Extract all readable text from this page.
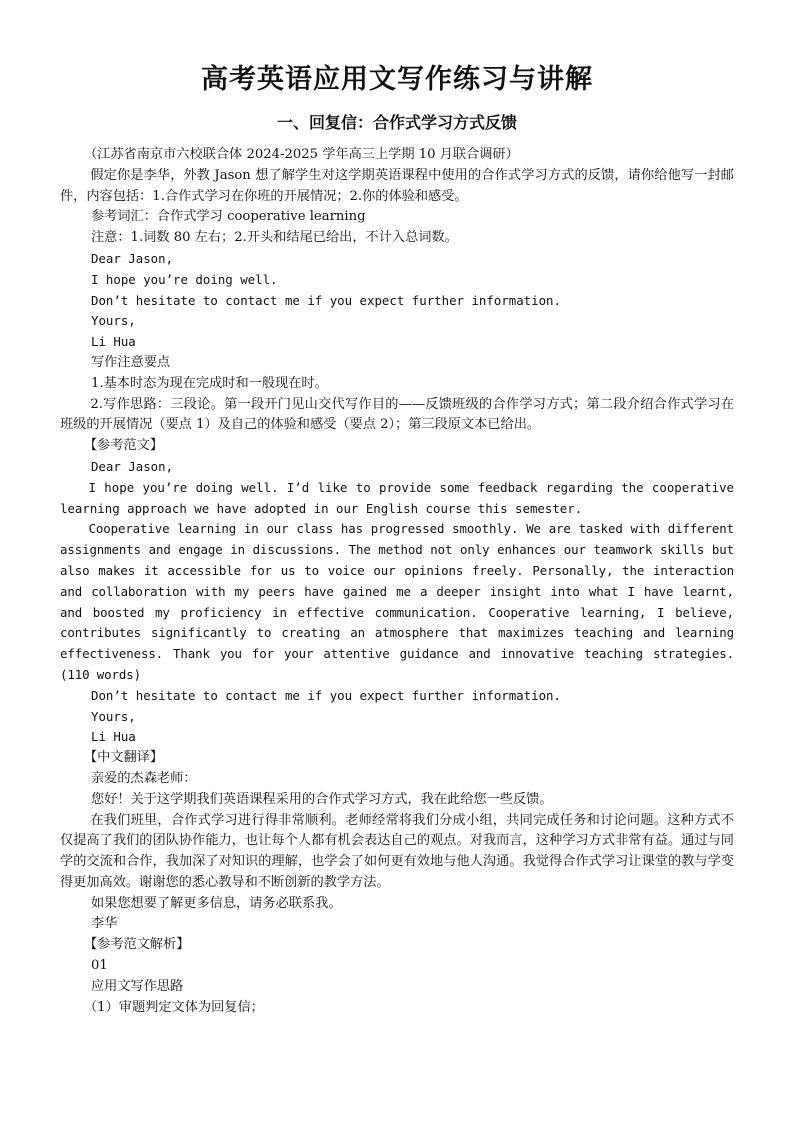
高考英语应用文写作练习与讲解
一、回复信：合作式学习方式反馈

（江苏省南京市六校联合体 2024-2025 学年高三上学期 10 月联合调研）

假定你是李华，外教 Jason 想了解学生对这学期英语课程中使用的合作式学习方式的反馈，请你给他写一封邮件，内容包括：1.合作式学习在你班的开展情况；2.你的体验和感受。

参考词汇：合作式学习 cooperative learning

注意：1.词数 80 左右；2.开头和结尾已给出，不计入总词数。

Dear Jason,

I hope you’re doing well.

Don’t hesitate to contact me if you expect further information.

Yours,

Li Hua

写作注意要点

1.基本时态为现在完成时和一般现在时。

2.写作思路：三段论。第一段开门见山交代写作目的——反馈班级的合作学习方式；第二段介绍合作式学习在班级的开展情况（要点 1）及自己的体验和感受（要点 2）；第三段原文本已给出。

【参考范文】

Dear Jason,

I hope you’re doing well. I’d like to provide some feedback regarding the cooperative learning approach we have adopted in our English course this semester.

Cooperative learning in our class has progressed smoothly. We are tasked with different assignments and engage in discussions. The method not only enhances our teamwork skills but also makes it accessible for us to voice our opinions freely. Personally, the interaction and collaboration with my peers have gained me a deeper insight into what I have learnt, and boosted my proficiency in effective communication. Cooperative learning, I believe, contributes significantly to creating an atmosphere that maximizes teaching and learning effectiveness. Thank you for your attentive guidance and innovative teaching strategies. (110 words)

Don’t hesitate to contact me if you expect further information.

Yours,

Li Hua

【中文翻译】

亲爱的杰森老师：

您好！关于这学期我们英语课程采用的合作式学习方式，我在此给您一些反馈。

在我们班里，合作式学习进行得非常顺利。老师经常将我们分成小组，共同完成任务和讨论问题。这种方式不仅提高了我们的团队协作能力，也让每个人都有机会表达自己的观点。对我而言，这种学习方式非常有益。通过与同学的交流和合作，我加深了对知识的理解，也学会了如何更有效地与他人沟通。我觉得合作式学习让课堂的教与学变得更加高效。谢谢您的悉心教导和不断创新的教学方法。

如果您想要了解更多信息，请务必联系我。

李华

【参考范文解析】

01

应用文写作思路

（1）审题判定文体为回复信；
